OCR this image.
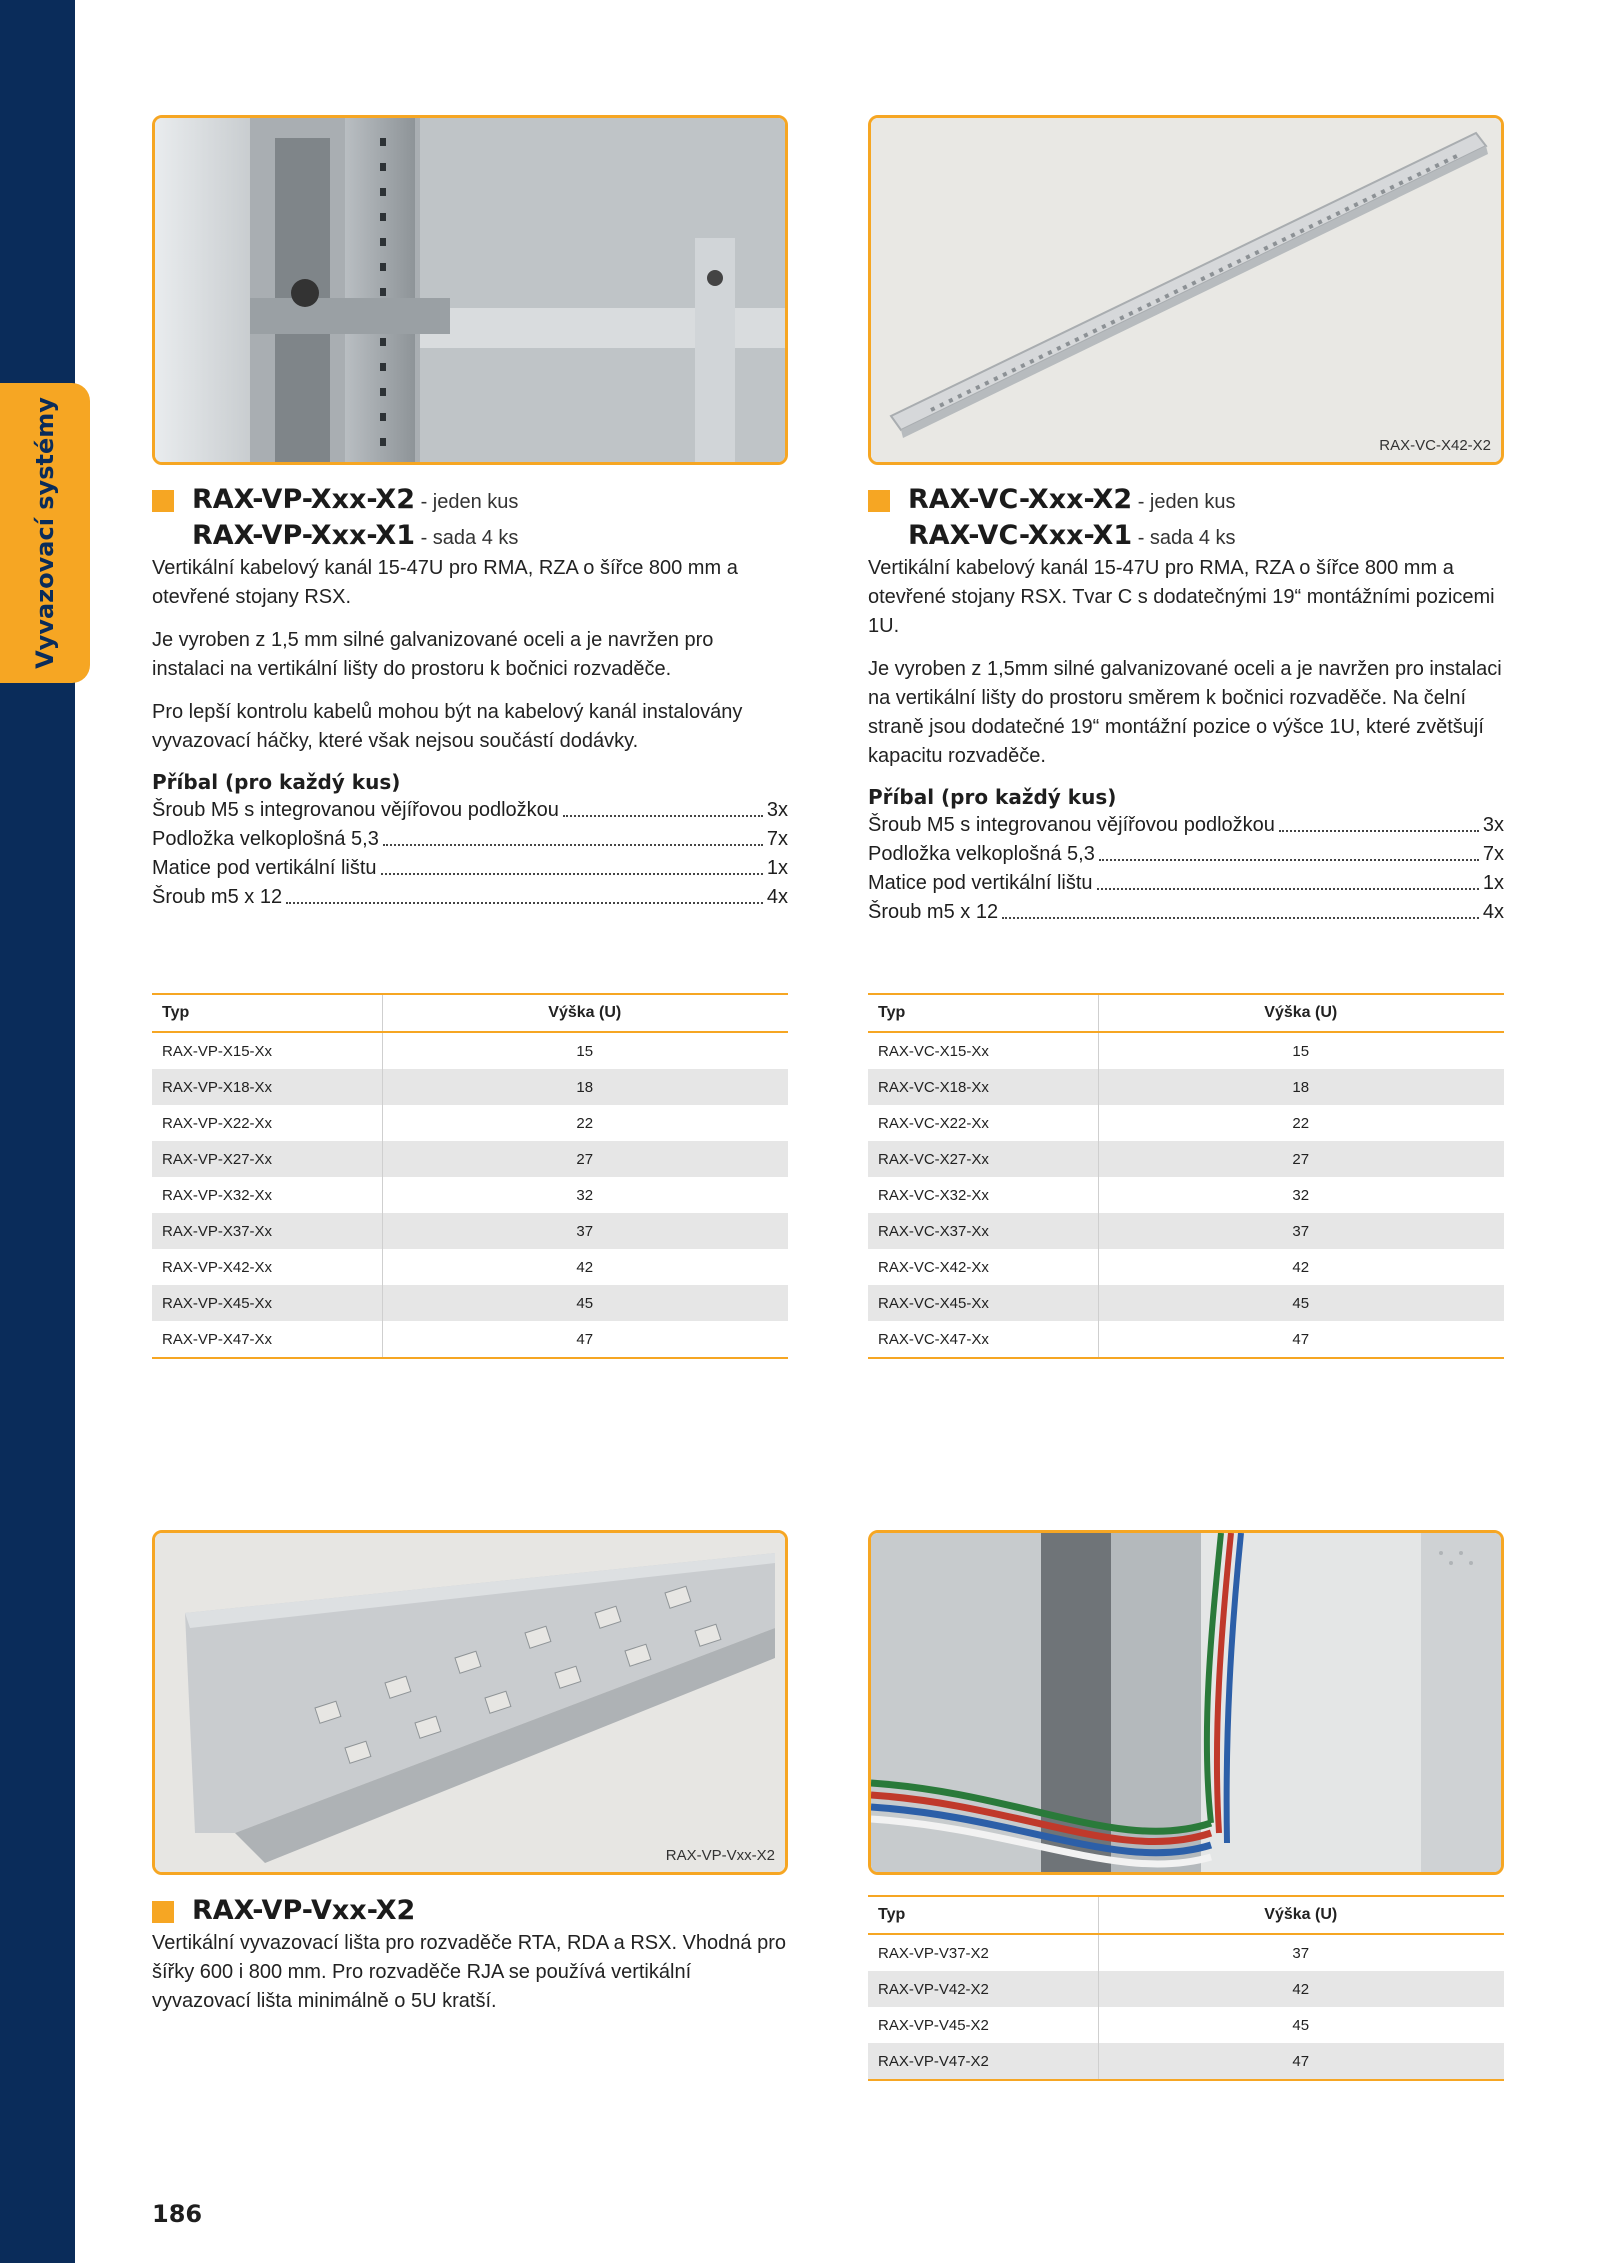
Vyvazovací systémy	RAX-VC-X42-X2
RAX-VP-Xxx-X2 - jeden kus
RAX-VP-Xxx-X1 - sada 4 ks

Vertikální kabelový kanál 15-47U pro RMA, RZA o šířce 800 mm a otevřené stojany RSX.

Je vyroben z 1,5 mm silné galvanizované oceli a je navržen pro instalaci na vertikální lišty do prostoru k bočnici rozvaděče.

Pro lepší kontrolu kabelů mohou být na kabelový kanál instalovány vyvazovací háčky, které však nejsou součástí dodávky.

Příbal (pro každý kus)
Šroub M5 s integrovanou vějířovou podložkou	3x
Podložka velkoplošná 5,3	7x
Matice pod vertikální lištu	1x
Šroub m5 x 12	4x
RAX-VC-Xxx-X2 - jeden kus
RAX-VC-Xxx-X1 - sada 4 ks

Vertikální kabelový kanál 15-47U pro RMA, RZA o šířce 800 mm a otevřené stojany RSX. Tvar C s dodatečnými 19“ montážními pozicemi 1U.

Je vyroben z 1,5mm silné galvanizované oceli a je navržen pro instalaci na vertikální lišty do prostoru směrem k bočnici rozvaděče. Na čelní straně jsou dodatečné 19“ montážní pozice o výšce 1U, které zvětšují kapacitu rozvaděče.

Příbal (pro každý kus)
Šroub M5 s integrovanou vějířovou podložkou	3x
Podložka velkoplošná 5,3	7x
Matice pod vertikální lištu	1x
Šroub m5 x 12	4x
Typ	Výška (U)
RAX-VP-X15-Xx	15
RAX-VP-X18-Xx	18
RAX-VP-X22-Xx	22
RAX-VP-X27-Xx	27
RAX-VP-X32-Xx	32
RAX-VP-X37-Xx	37
RAX-VP-X42-Xx	42
RAX-VP-X45-Xx	45
RAX-VP-X47-Xx	47
Typ	Výška (U)
RAX-VC-X15-Xx	15
RAX-VC-X18-Xx	18
RAX-VC-X22-Xx	22
RAX-VC-X27-Xx	27
RAX-VC-X32-Xx	32
RAX-VC-X37-Xx	37
RAX-VC-X42-Xx	42
RAX-VC-X45-Xx	45
RAX-VC-X47-Xx	47
RAX-VP-Vxx-X2
RAX-VP-Vxx-X2

Vertikální vyvazovací lišta pro rozvaděče RTA, RDA a RSX. Vhodná pro šířky 600 i 800 mm. Pro rozvaděče RJA se používá vertikální vyvazovací lišta minimálně o 5U kratší.

Typ	Výška (U)
RAX-VP-V37-X2	37
RAX-VP-V42-X2	42
RAX-VP-V45-X2	45
RAX-VP-V47-X2	47
186
